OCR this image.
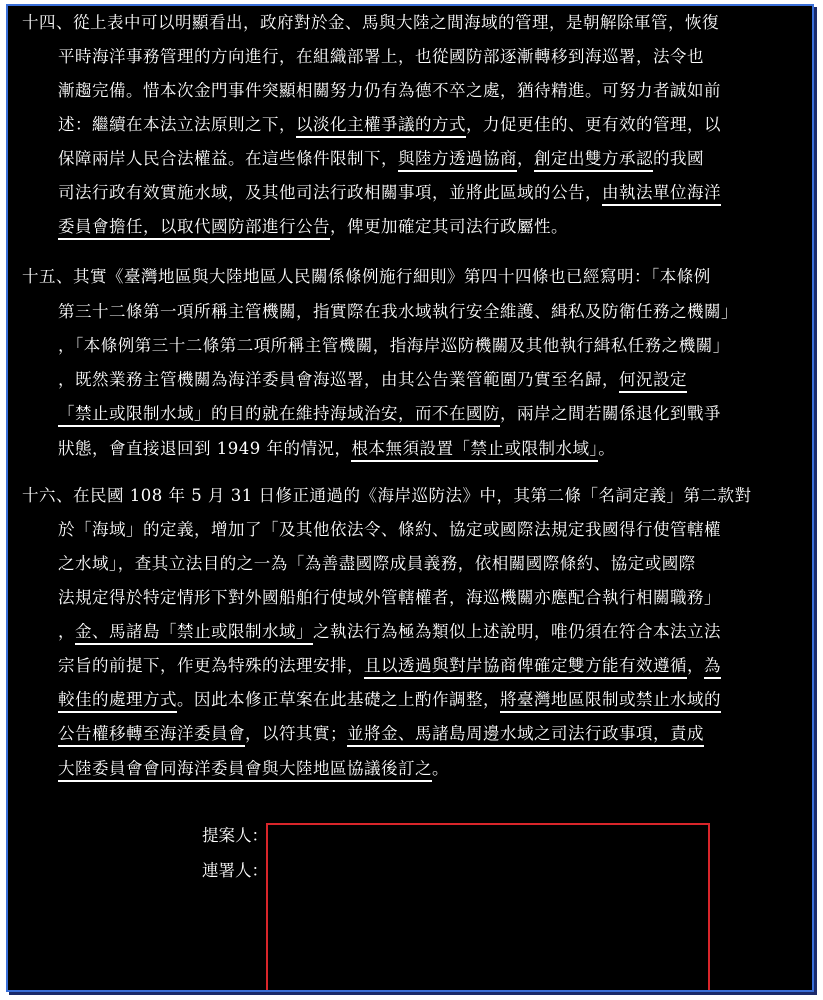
十四、從上表中可以明顯看出，政府對於金、馬與大陸之間海域的管理，是朝解除軍管，恢復
平時海洋事務管理的方向進行，在組織部署上，也從國防部逐漸轉移到海巡署，法令也
漸趨完備。惜本次金門事件突顯相關努力仍有為德不卒之處，猶待精進。可努力者誠如前
述：繼續在本法立法原則之下，以淡化主權爭議的方式，力促更佳的、更有效的管理，以
保障兩岸人民合法權益。在這些條件限制下，與陸方透過協商，創定出雙方承認的我國
司法行政有效實施水域，及其他司法行政相關事項，並將此區域的公告，由執法單位海洋
委員會擔任，以取代國防部進行公告，俾更加確定其司法行政屬性。
十五、其實《臺灣地區與大陸地區人民關係條例施行細則》第四十四條也已經寫明：「本條例
第三十二條第一項所稱主管機關，指實際在我水域執行安全維護、緝私及防衛任務之機關」
，「本條例第三十二條第二項所稱主管機關，指海岸巡防機關及其他執行緝私任務之機關」
，既然業務主管機關為海洋委員會海巡署，由其公告業管範圍乃實至名歸，何況設定
「禁止或限制水域」的目的就在維持海域治安，而不在國防，兩岸之間若關係退化到戰爭
狀態，會直接退回到 1949 年的情況，根本無須設置「禁止或限制水域」。
十六、在民國 108 年 5 月 31 日修正通過的《海岸巡防法》中，其第二條「名詞定義」第二款對
於「海域」的定義，增加了「及其他依法令、條約、協定或國際法規定我國得行使管轄權
之水域」，查其立法目的之一為「為善盡國際成員義務，依相關國際條約、協定或國際
法規定得於特定情形下對外國船舶行使域外管轄權者，海巡機關亦應配合執行相關職務」
，金、馬諸島「禁止或限制水域」之執法行為極為類似上述說明，唯仍須在符合本法立法
宗旨的前提下，作更為特殊的法理安排，且以透過與對岸協商俾確定雙方能有效遵循，為
較佳的處理方式。因此本修正草案在此基礎之上酌作調整，將臺灣地區限制或禁止水域的
公告權移轉至海洋委員會，以符其實；並將金、馬諸島周邊水域之司法行政事項，責成
大陸委員會會同海洋委員會與大陸地區協議後訂之。
提案人：
連署人：
陳永康
陳玉珍 羅廷瑋 林德福	廖先翔	黃建賓
盧縣一 林思銘 游　顥	王鴻薇	翁曉玲
李彥秀 黃健豪 廖偉翔	吳春城	洪孟楷
鄭天財 Sra Kacaw 鄭正鈐
